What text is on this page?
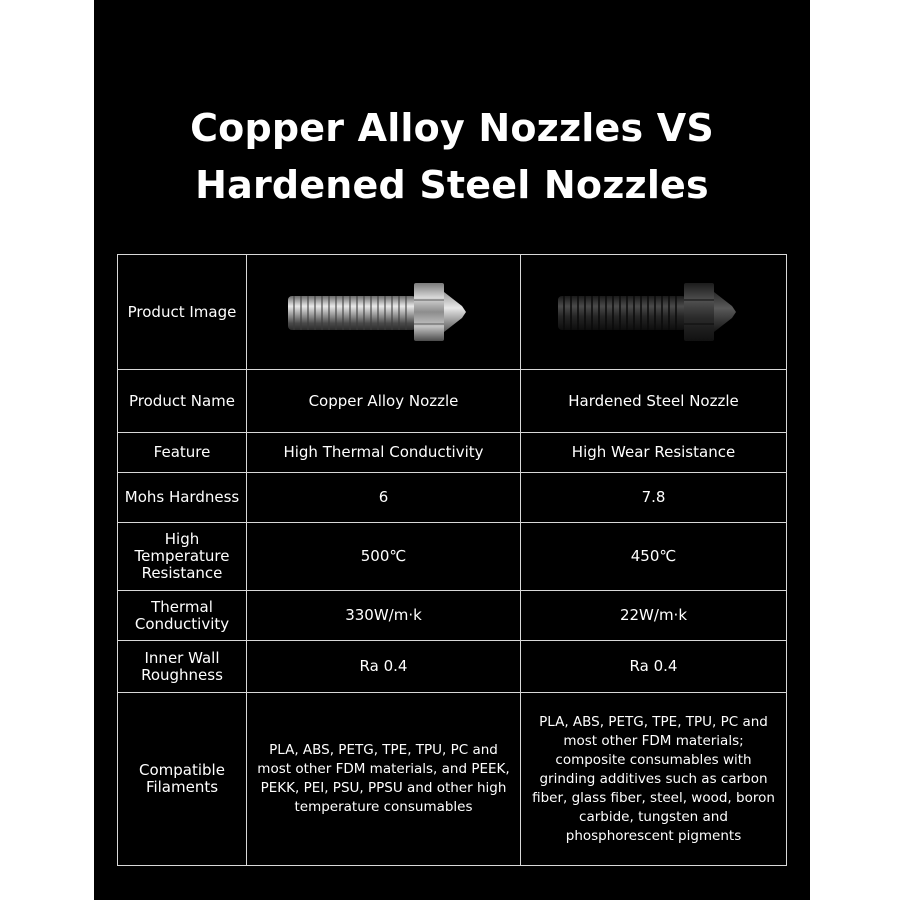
Copper Alloy Nozzles VS
Hardened Steel Nozzles
Product Image	

Product Name	Copper Alloy Nozzle	Hardened Steel Nozzle
Feature	High Thermal Conductivity	High Wear Resistance
Mohs Hardness	6	7.8
High Temperature Resistance	500℃	450℃
Thermal Conductivity	330W/m·k	22W/m·k
Inner Wall Roughness	Ra 0.4	Ra 0.4
Compatible Filaments	PLA, ABS, PETG, TPE, TPU, PC and most other FDM materials, and PEEK, PEKK, PEI, PSU, PPSU and other high temperature consumables	PLA, ABS, PETG, TPE, TPU, PC and most other FDM materials; composite consumables with grinding additives such as carbon fiber, glass fiber, steel, wood, boron carbide, tungsten and phosphorescent pigments
